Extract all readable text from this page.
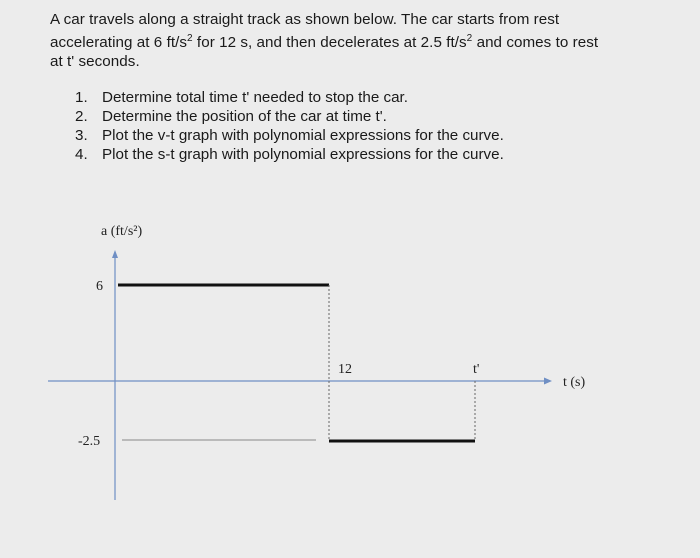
A car travels along a straight track as shown below. The car starts from rest
accelerating at 6 $ft/s^2$ for 12 s, and then decelerates at 2.5 $ft/s^2$ and comes to rest
at t' seconds.
1. Determine total time t' needed to stop the car.
2. Determine the position of the car at time t'.
3. Plot the v-t graph with polynomial expressions for the curve.
4. Plot the s-t graph with polynomial expressions for the curve.
a (ft/s²)
t (s)
6
-2.5
12	t'
